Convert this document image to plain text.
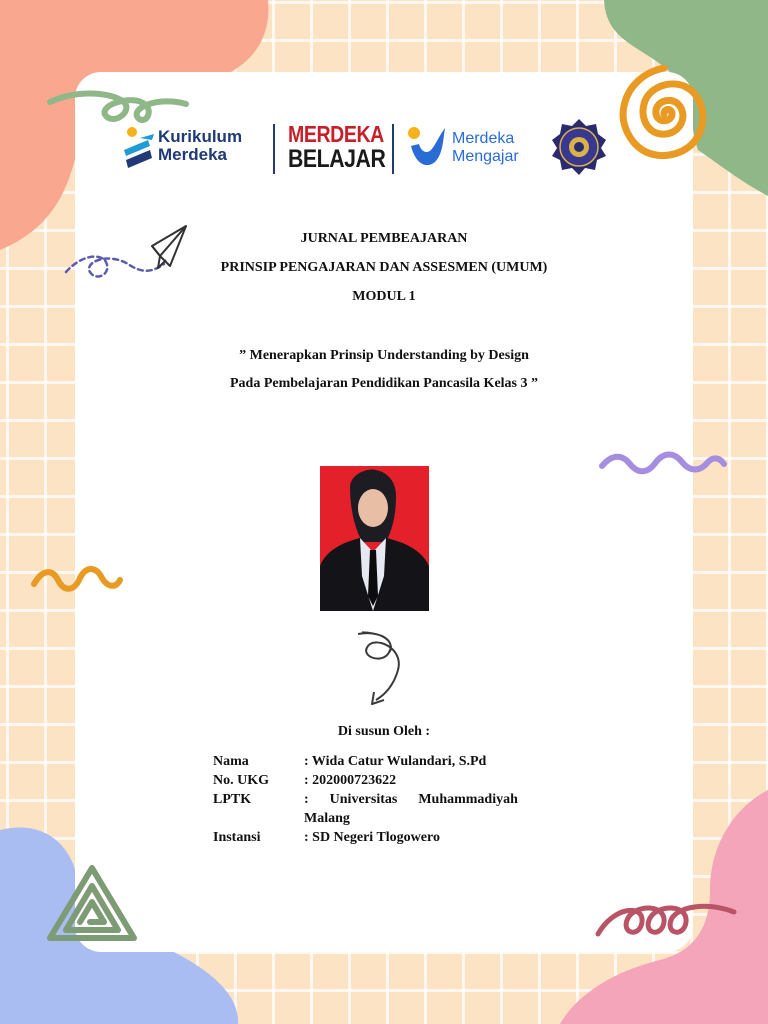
Kurikulum
Merdeka
MERDEKA
BELAJAR
Merdeka
Mengajar
JURNAL PEMBEAJARAN
PRINSIP PENGAJARAN DAN ASSESMEN (UMUM)
MODUL 1
” Menerapkan Prinsip Understanding by Design
Pada Pembelajaran Pendidikan Pancasila Kelas 3 ”
Di susun Oleh :
Nama	: Wida Catur Wulandari, S.Pd
No. UKG	: 202000723622
LPTK	:      Universitas      Muhammadiyah
Malang
Instansi	: SD Negeri Tlogowero
